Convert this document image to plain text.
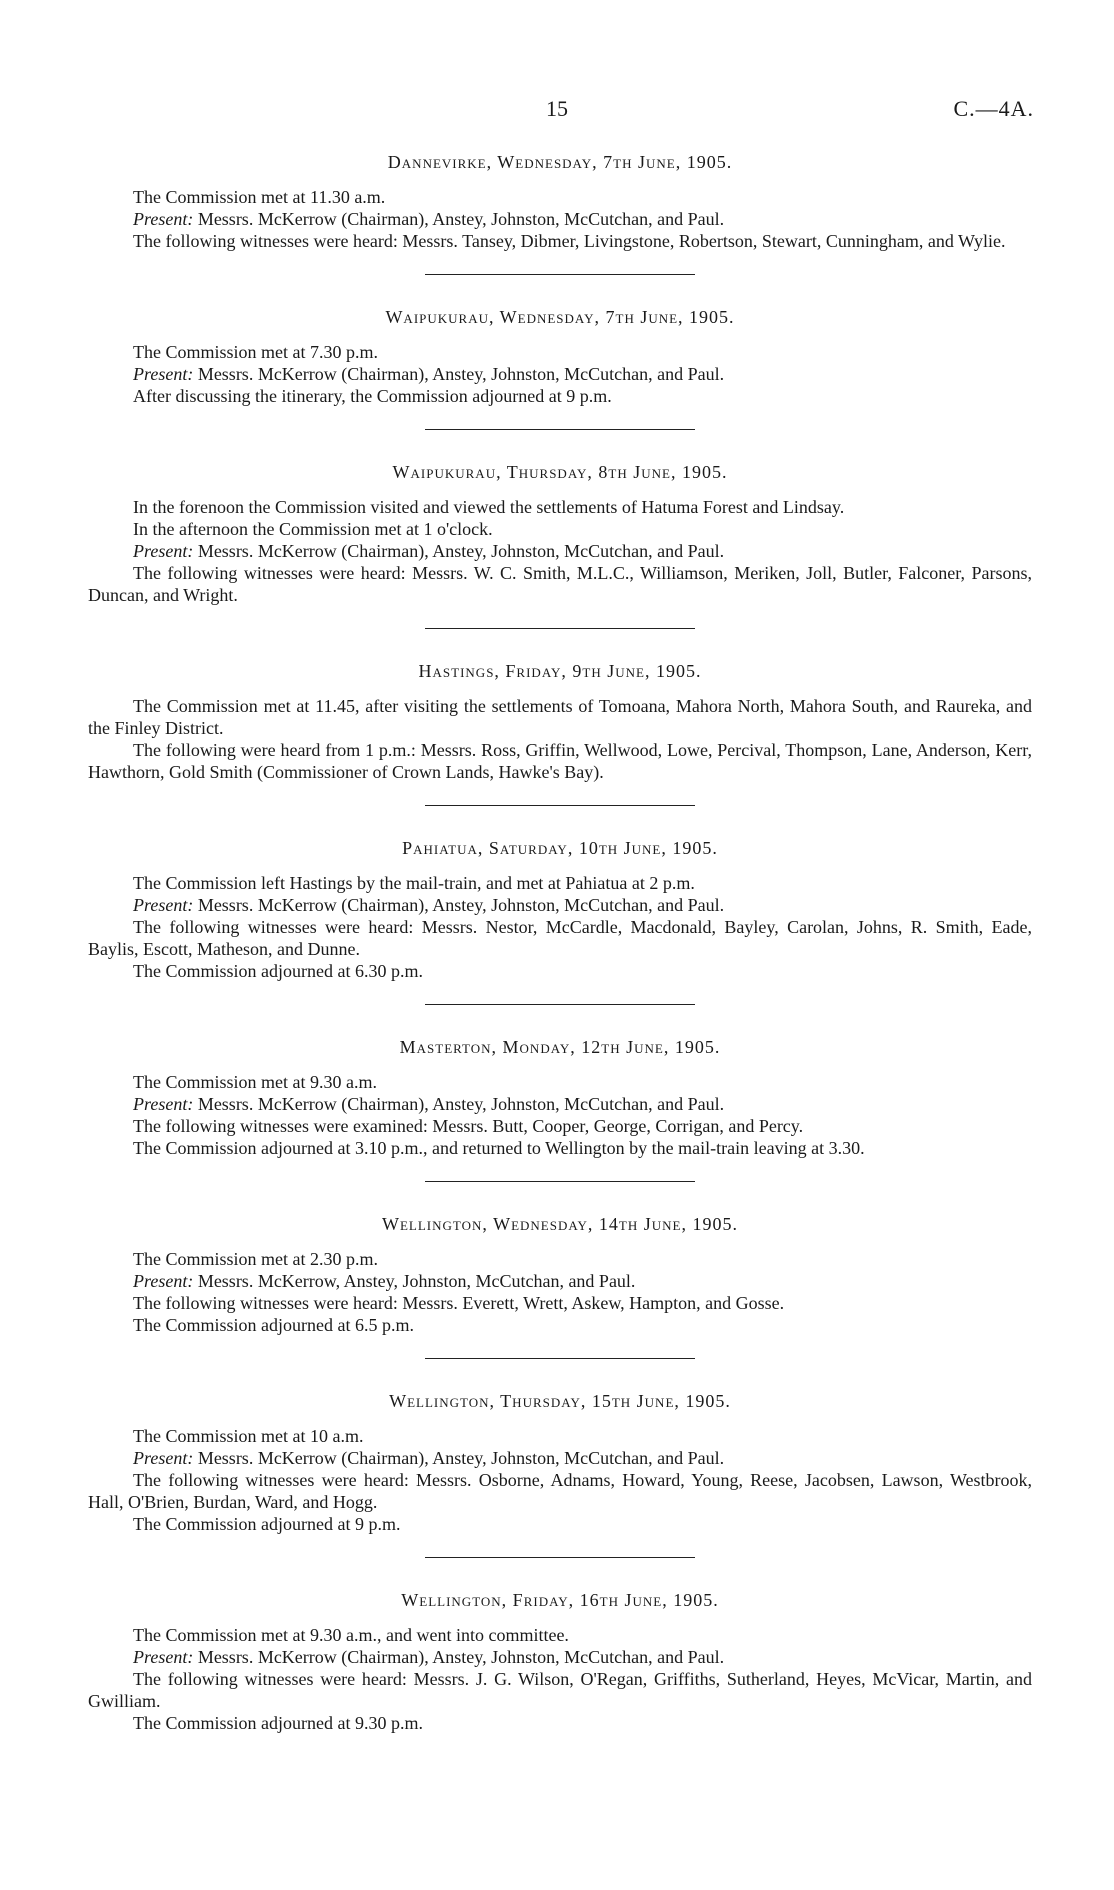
15	C.—4A.
Dannevirke, Wednesday, 7th June, 1905.

The Commission met at 11.30 a.m.

Present: Messrs. McKerrow (Chairman), Anstey, Johnston, McCutchan, and Paul.

The following witnesses were heard: Messrs. Tansey, Dibmer, Livingstone, Robertson, Stewart, Cunningham, and Wylie.

Waipukurau, Wednesday, 7th June, 1905.

The Commission met at 7.30 p.m.

Present: Messrs. McKerrow (Chairman), Anstey, Johnston, McCutchan, and Paul.

After discussing the itinerary, the Commission adjourned at 9 p.m.

Waipukurau, Thursday, 8th June, 1905.

In the forenoon the Commission visited and viewed the settlements of Hatuma Forest and Lindsay.

In the afternoon the Commission met at 1 o'clock.

Present: Messrs. McKerrow (Chairman), Anstey, Johnston, McCutchan, and Paul.

The following witnesses were heard: Messrs. W. C. Smith, M.L.C., Williamson, Meriken, Joll, Butler, Falconer, Parsons, Duncan, and Wright.

Hastings, Friday, 9th June, 1905.

The Commission met at 11.45, after visiting the settlements of Tomoana, Mahora North, Mahora South, and Raureka, and the Finley District.

The following were heard from 1 p.m.: Messrs. Ross, Griffin, Wellwood, Lowe, Percival, Thompson, Lane, Anderson, Kerr, Hawthorn, Gold Smith (Commissioner of Crown Lands, Hawke's Bay).

Pahiatua, Saturday, 10th June, 1905.

The Commission left Hastings by the mail-train, and met at Pahiatua at 2 p.m.

Present: Messrs. McKerrow (Chairman), Anstey, Johnston, McCutchan, and Paul.

The following witnesses were heard: Messrs. Nestor, McCardle, Macdonald, Bayley, Carolan, Johns, R. Smith, Eade, Baylis, Escott, Matheson, and Dunne.

The Commission adjourned at 6.30 p.m.

Masterton, Monday, 12th June, 1905.

The Commission met at 9.30 a.m.

Present: Messrs. McKerrow (Chairman), Anstey, Johnston, McCutchan, and Paul.

The following witnesses were examined: Messrs. Butt, Cooper, George, Corrigan, and Percy.

The Commission adjourned at 3.10 p.m., and returned to Wellington by the mail-train leaving at 3.30.

Wellington, Wednesday, 14th June, 1905.

The Commission met at 2.30 p.m.

Present: Messrs. McKerrow, Anstey, Johnston, McCutchan, and Paul.

The following witnesses were heard: Messrs. Everett, Wrett, Askew, Hampton, and Gosse.

The Commission adjourned at 6.5 p.m.

Wellington, Thursday, 15th June, 1905.

The Commission met at 10 a.m.

Present: Messrs. McKerrow (Chairman), Anstey, Johnston, McCutchan, and Paul.

The following witnesses were heard: Messrs. Osborne, Adnams, Howard, Young, Reese, Jacobsen, Lawson, Westbrook, Hall, O'Brien, Burdan, Ward, and Hogg.

The Commission adjourned at 9 p.m.

Wellington, Friday, 16th June, 1905.

The Commission met at 9.30 a.m., and went into committee.

Present: Messrs. McKerrow (Chairman), Anstey, Johnston, McCutchan, and Paul.

The following witnesses were heard: Messrs. J. G. Wilson, O'Regan, Griffiths, Sutherland, Heyes, McVicar, Martin, and Gwilliam.

The Commission adjourned at 9.30 p.m.
